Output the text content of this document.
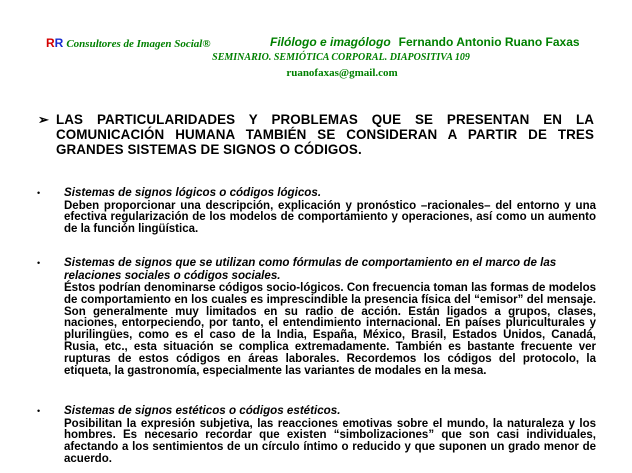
RR Consultores de Imagen Social®	Filólogo e imagólogo Fernando Antonio Ruano Faxas
SEMINARIO. SEMIÓTICA CORPORAL. DIAPOSITIVA 109
ruanofaxas@gmail.com
➢ LAS PARTICULARIDADES Y PROBLEMAS QUE SE PRESENTAN EN LA COMUNICACIÓN HUMANA TAMBIÉN SE CONSIDERAN A PARTIR DE TRES GRANDES SISTEMAS DE SIGNOS O CÓDIGOS.
• Sistemas de signos lógicos o códigos lógicos.
Deben proporcionar una descripción, explicación y pronóstico –racionales– del entorno y una efectiva regularización de los modelos de comportamiento y operaciones, así como un aumento de la función lingüística.
• Sistemas de signos que se utilizan como fórmulas de comportamiento en el marco de las relaciones sociales o códigos sociales.
Éstos podrían denominarse códigos socio-lógicos. Con frecuencia toman las formas de modelos de comportamiento en los cuales es imprescindible la presencia física del “emisor” del mensaje. Son generalmente muy limitados en su radio de acción. Están ligados a grupos, clases, naciones, entorpeciendo, por tanto, el entendimiento internacional. En países pluriculturales y plurilingües, como es el caso de la India, España, México, Brasil, Estados Unidos, Canadá, Rusia, etc., esta situación se complica extremadamente. También es bastante frecuente ver rupturas de estos códigos en áreas laborales. Recordemos los códigos del protocolo, la etiqueta, la gastronomía, especialmente las variantes de modales en la mesa.
• Sistemas de signos estéticos o códigos estéticos.
Posibilitan la expresión subjetiva, las reacciones emotivas sobre el mundo, la naturaleza y los hombres. Es necesario recordar que existen “simbolizaciones” que son casi individuales, afectando a los sentimientos de un círculo íntimo o reducido y que suponen un grado menor de acuerdo.
